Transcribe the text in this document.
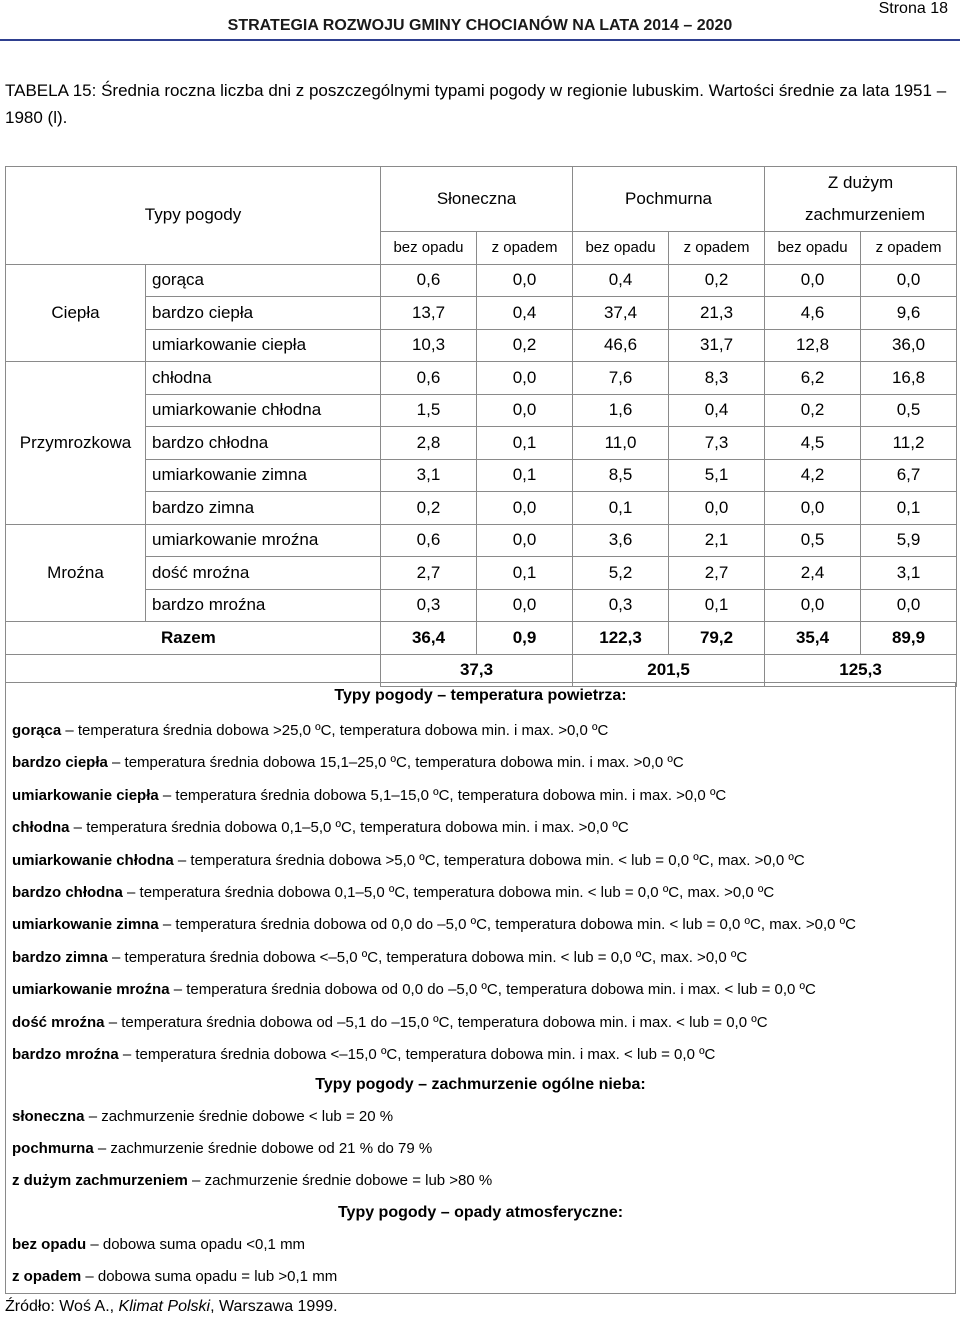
Strona 18
STRATEGIA ROZWOJU GMINY CHOCIANÓW NA LATA 2014 – 2020
TABELA 15: Średnia roczna liczba dni z poszczególnymi typami pogody w regionie lubuskim. Wartości średnie za lata 1951 – 1980 (l).
Typy pogody		Słoneczna		Pochmurna		Z dużym zachmurzeniem	
		bez opadu	z opadem	bez opadu	z opadem	bez opadu	z opadem
Ciepła	gorąca	0,6	0,0	0,4	0,2	0,0	0,0
	bardzo ciepła	13,7	0,4	37,4	21,3	4,6	9,6
	umiarkowanie ciepła	10,3	0,2	46,6	31,7	12,8	36,0
Przymrozkowa	chłodna	0,6	0,0	7,6	8,3	6,2	16,8
	umiarkowanie chłodna	1,5	0,0	1,6	0,4	0,2	0,5
	bardzo chłodna	2,8	0,1	11,0	7,3	4,5	11,2
	umiarkowanie zimna	3,1	0,1	8,5	5,1	4,2	6,7
	bardzo zimna	0,2	0,0	0,1	0,0	0,0	0,1
Mroźna	umiarkowanie mroźna	0,6	0,0	3,6	2,1	0,5	5,9
	dość mroźna	2,7	0,1	5,2	2,7	2,4	3,1
	bardzo mroźna	0,3	0,0	0,3	0,1	0,0	0,0
Razem		36,4	0,9	122,3	79,2	35,4	89,9
		37,3		201,5		125,3	
Typy pogody – temperatura powietrza:
gorąca – temperatura średnia dobowa >25,0 ºC, temperatura dobowa min. i max. >0,0 ºC
bardzo ciepła – temperatura średnia dobowa 15,1–25,0 ºC, temperatura dobowa min. i max. >0,0 ºC
umiarkowanie ciepła – temperatura średnia dobowa 5,1–15,0 ºC, temperatura dobowa min. i max. >0,0 ºC
chłodna – temperatura średnia dobowa 0,1–5,0 ºC, temperatura dobowa min. i max. >0,0 ºC
umiarkowanie chłodna – temperatura średnia dobowa >5,0 ºC, temperatura dobowa min. < lub = 0,0 ºC, max. >0,0 ºC
bardzo chłodna – temperatura średnia dobowa 0,1–5,0 ºC, temperatura dobowa min. < lub = 0,0 ºC, max. >0,0 ºC
umiarkowanie zimna – temperatura średnia dobowa od 0,0 do –5,0 ºC, temperatura dobowa min. < lub = 0,0 ºC, max. >0,0 ºC
bardzo zimna – temperatura średnia dobowa <–5,0 ºC, temperatura dobowa min. < lub = 0,0 ºC, max. >0,0 ºC
umiarkowanie mroźna – temperatura średnia dobowa od 0,0 do –5,0 ºC, temperatura dobowa min. i max. < lub = 0,0 ºC
dość mroźna – temperatura średnia dobowa od –5,1 do –15,0 ºC, temperatura dobowa min. i max. < lub = 0,0 ºC
bardzo mroźna – temperatura średnia dobowa <–15,0 ºC, temperatura dobowa min. i max. < lub = 0,0 ºC
Typy pogody – zachmurzenie ogólne nieba:
słoneczna – zachmurzenie średnie dobowe < lub = 20 %
pochmurna – zachmurzenie średnie dobowe od 21 % do 79 %
z dużym zachmurzeniem – zachmurzenie średnie dobowe = lub >80 %
Typy pogody – opady atmosferyczne:
bez opadu – dobowa suma opadu <0,1 mm
z opadem – dobowa suma opadu = lub >0,1 mm
Źródło: Woś A., Klimat Polski, Warszawa 1999.
